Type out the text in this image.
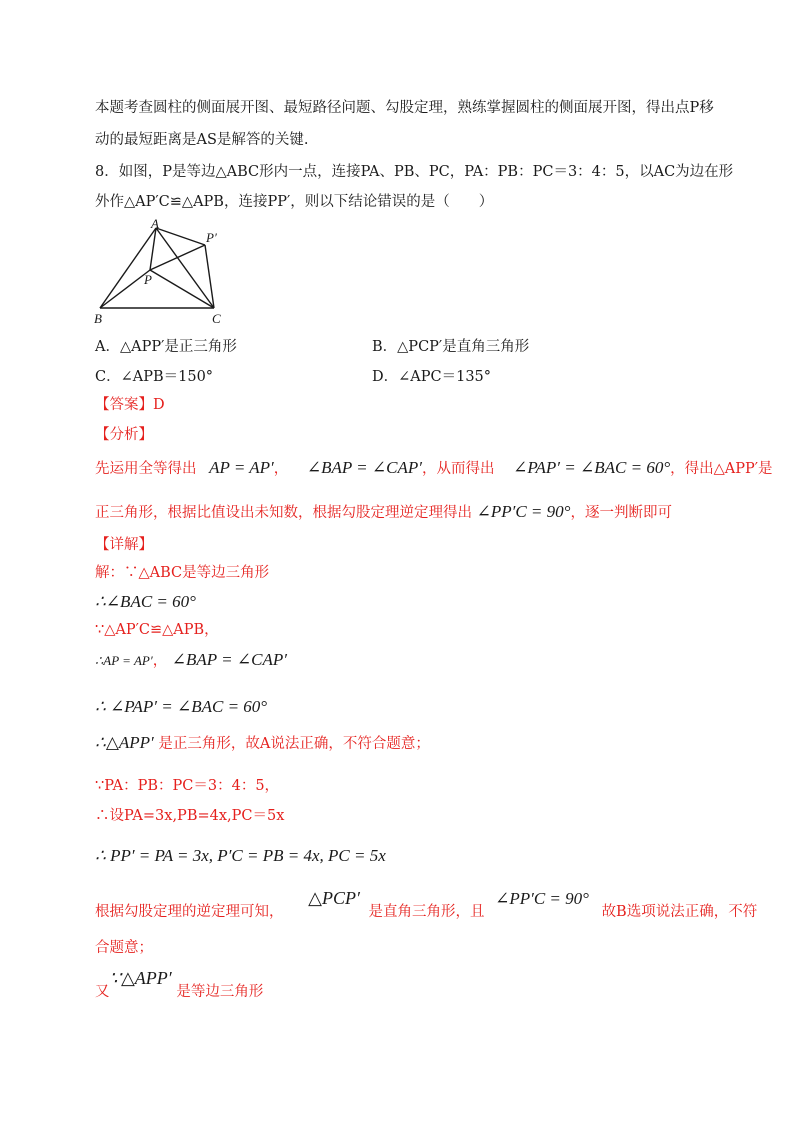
本题考查圆柱的侧面展开图、最短路径问题、勾股定理，熟练掌握圆柱的侧面展开图，得出点P移
动的最短距离是AS是解答的关键.
8．如图，P是等边△ABC形内一点，连接PA、PB、PC，PA：PB：PC＝3：4：5，以AC为边在形
外作△AP′C≌△APB，连接PP′，则以下结论错误的是（　　）
A
B	C
P
P′
A．△APP′是正三角形	B．△PCP′是直角三角形
C．∠APB＝150°	D．∠APC＝135°
【答案】D
【分析】
先运用全等得出 AP = AP′， ∠BAP = ∠CAP′，从而得出 ∠PAP′ = ∠BAC = 60°，得出△APP′是
正三角形，根据比值设出未知数，根据勾股定理逆定理得出 ∠PP′C = 90°，逐一判断即可
【详解】
解：∵△ABC是等边三角形
∴∠BAC = 60°
∵△AP′C≌△APB，
∴AP = AP′， ∠BAP = ∠CAP′
∴ ∠PAP′ = ∠BAC = 60°
∴△APP′ 是正三角形，故A说法正确，不符合题意；
∵PA：PB：PC＝3：4：5，
∴设PA=3x,PB=4x,PC＝5x
∴ PP′ = PA = 3x, P′C = PB = 4x, PC = 5x
根据勾股定理的逆定理可知， △PCP′ 是直角三角形，且 ∠PP′C = 90° 故B选项说法正确，不符
合题意；
又∵△APP′ 是等边三角形
